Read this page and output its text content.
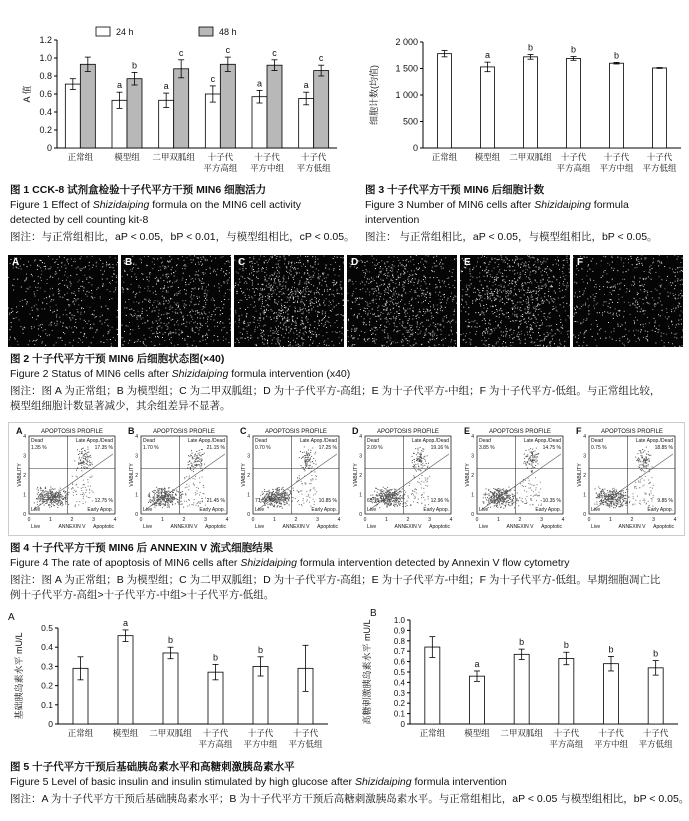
0
0.2
0.4
0.6
0.8
1.0
1.2
A 值
正常组
a
b
模型组
a
c
二甲双胍组
c
c
十子代
平方高组
a
c
十子代
平方中组
a
c
十子代
平方低组
24 h	48 h
图 1 CCK-8 试剂盒检验十子代平方干预 MIN6 细胞活力
Figure 1 Effect of Shizidaiping formula on the MIN6 cell activity
detected by cell counting kit-8
图注：与正常组相比，aP < 0.05，bP < 0.01，与模型组相比，cP < 0.05。
0
500
1 000
1 500
2 000
细胞计数(均值)
正常组
a
模型组
b
二甲双胍组
b
十子代
平方高组
b
十子代
平方中组
十子代
平方低组
图 3 十子代平方干预 MIN6 后细胞计数
Figure 3 Number of MIN6 cells after Shizidaiping formula
intervention
图注： 与正常组相比，aP < 0.05，与模型组相比，bP < 0.05。
A	B	C	D	E	F
图 2 十子代平方干预 MIN6 后细胞状态图(×40)
Figure 2 Status of MIN6 cells after Shizidaiping formula intervention (x40)
图注：图 A 为正常组；B 为模型组；C 为二甲双胍组；D 为十子代平方-高组；E 为十子代平方-中组；F 为十子代平方-低组。与正常组比较，
模型组细胞计数显著减少，其余组差异不显著。
A	APOPTOSIS PROFILE
Dead
1.35 %
Late Apop./Dead
17.35 %
Live
12.75 %
Early Apop.
VIABILITY
0
0
1
1
2
2
3
3
4
4
Live	ANNEXIN V Apoptotic
B	APOPTOSIS PROFILE
Dead
1.70 %
Late Apop./Dead
21.15 %
Live
21.45 %
Early Apop.
VIABILITY
0
0
1
1
2
2
3
3
4
4
Live	ANNEXIN V Apoptotic
C	APOPTOSIS PROFILE
Dead
0.70 %
Late Apop./Dead
17.25 %
71.35 %
Live
10.85 %
Early Apop.
VIABILITY
0
0
1
1
2
2
3
3
4
4
Live	ANNEXIN V Apoptotic
D	APOPTOSIS PROFILE
Dead
2.09 %
Late Apop./Dead
19.16 %
65.75 %
Live
12.96 %
Early Apop.
VIABILITY
0
0
1
1
2
2
3
3
4
4
Live	ANNEXIN V Apoptotic
E	APOPTOSIS PROFILE
Dead
3.85 %
Late Apop./Dead
14.75 %
Live
10.35 %
Early Apop.
VIABILITY
0
0
1
1
2
2
3
3
4
4
Live	ANNEXIN V Apoptotic
F	APOPTOSIS PROFILE
Dead
0.75 %
Late Apop./Dead
18.85 %
Live
9.85 %
Early Apop.
VIABILITY
0
0
1
1
2
2
3
3
4
4
Live	ANNEXIN V Apoptotic
图 4 十子代平方干预 MIN6 后 ANNEXIN V 流式细胞结果
Figure 4 The rate of apoptosis of MIN6 cells after Shizidaiping formula intervention detected by Annexin V flow cytometry
图注：图 A 为正常组；B 为模型组；C 为二甲双胍组；D 为十子代平方-高组；E 为十子代平方-中组；F 为十子代平方-低组。早期细胞凋亡比
例十子代平方-高组>十子代平方-中组>十子代平方-低组。
A
0
0.1
0.2
0.3
0.4
0.5
基础胰岛素水平 mU/L
正常组
a
模型组
b
二甲双胍组
b
十子代
平方高组
b
十子代
平方中组
十子代
平方低组
B
0
0.1
0.2
0.3
0.4
0.5
0.6
0.7
0.8
0.9
1.0
高糖刺激胰岛素水平 mU/L
正常组
a
模型组
b
二甲双胍组
b
十子代
平方高组
b
十子代
平方中组
b
十子代
平方低组
图 5 十子代平方干预后基础胰岛素水平和高糖刺激胰岛素水平
Figure 5 Level of basic insulin and insulin stimulated by high glucose after Shizidaiping formula intervention
图注：A 为十子代平方干预后基础胰岛素水平；B 为十子代平方干预后高糖刺激胰岛素水平。与正常组相比，aP < 0.05 与模型组相比，bP < 0.05。
